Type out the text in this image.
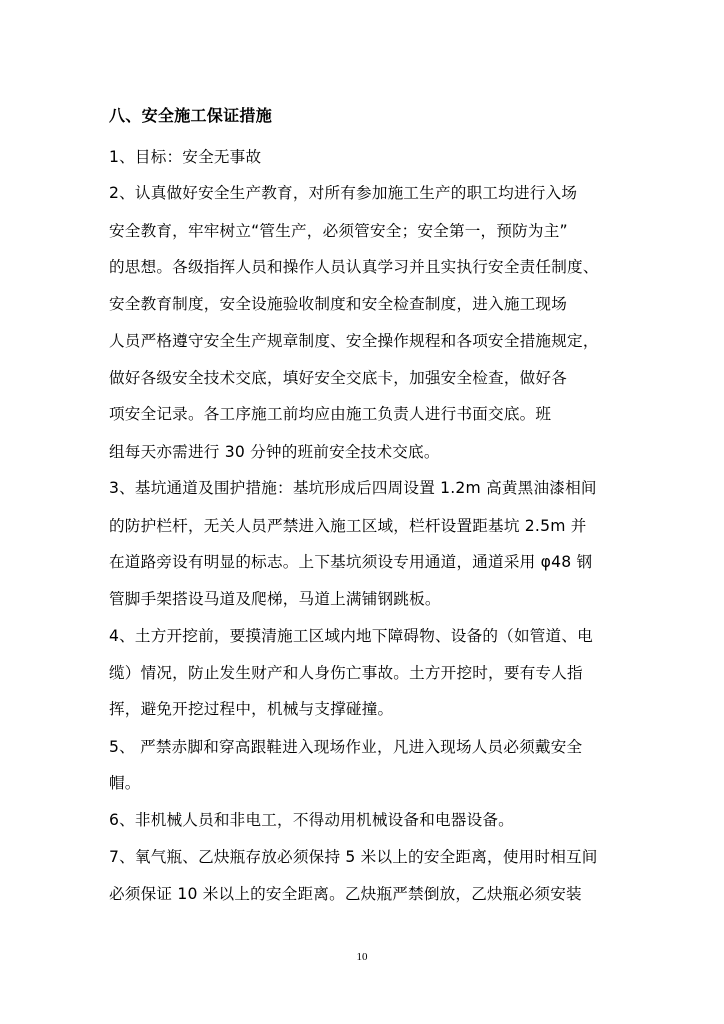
八、安全施工保证措施
1、目标：安全无事故
2、认真做好安全生产教育，对所有参加施工生产的职工均进行入场
安全教育，牢牢树立“管生产，必须管安全；安全第一，预防为主”
的思想。各级指挥人员和操作人员认真学习并且实执行安全责任制度、
安全教育制度，安全设施验收制度和安全检查制度，进入施工现场
人员严格遵守安全生产规章制度、安全操作规程和各项安全措施规定，
做好各级安全技术交底，填好安全交底卡，加强安全检查，做好各
项安全记录。各工序施工前均应由施工负责人进行书面交底。班
组每天亦需进行 30 分钟的班前安全技术交底。
3、基坑通道及围护措施：基坑形成后四周设置 1.2m 高黄黑油漆相间
的防护栏杆，无关人员严禁进入施工区域，栏杆设置距基坑 2.5m 并
在道路旁设有明显的标志。上下基坑须设专用通道，通道采用 φ48 钢
管脚手架搭设马道及爬梯，马道上满铺钢跳板。
4、土方开挖前，要摸清施工区域内地下障碍物、设备的（如管道、电
缆）情况，防止发生财产和人身伤亡事故。土方开挖时，要有专人指
挥，避免开挖过程中，机械与支撑碰撞。
5、 严禁赤脚和穿高跟鞋进入现场作业，凡进入现场人员必须戴安全
帽。
6、非机械人员和非电工，不得动用机械设备和电器设备。
7、氧气瓶、乙炔瓶存放必须保持 5 米以上的安全距离，使用时相互间
必须保证 10 米以上的安全距离。乙炔瓶严禁倒放，乙炔瓶必须安装
10
